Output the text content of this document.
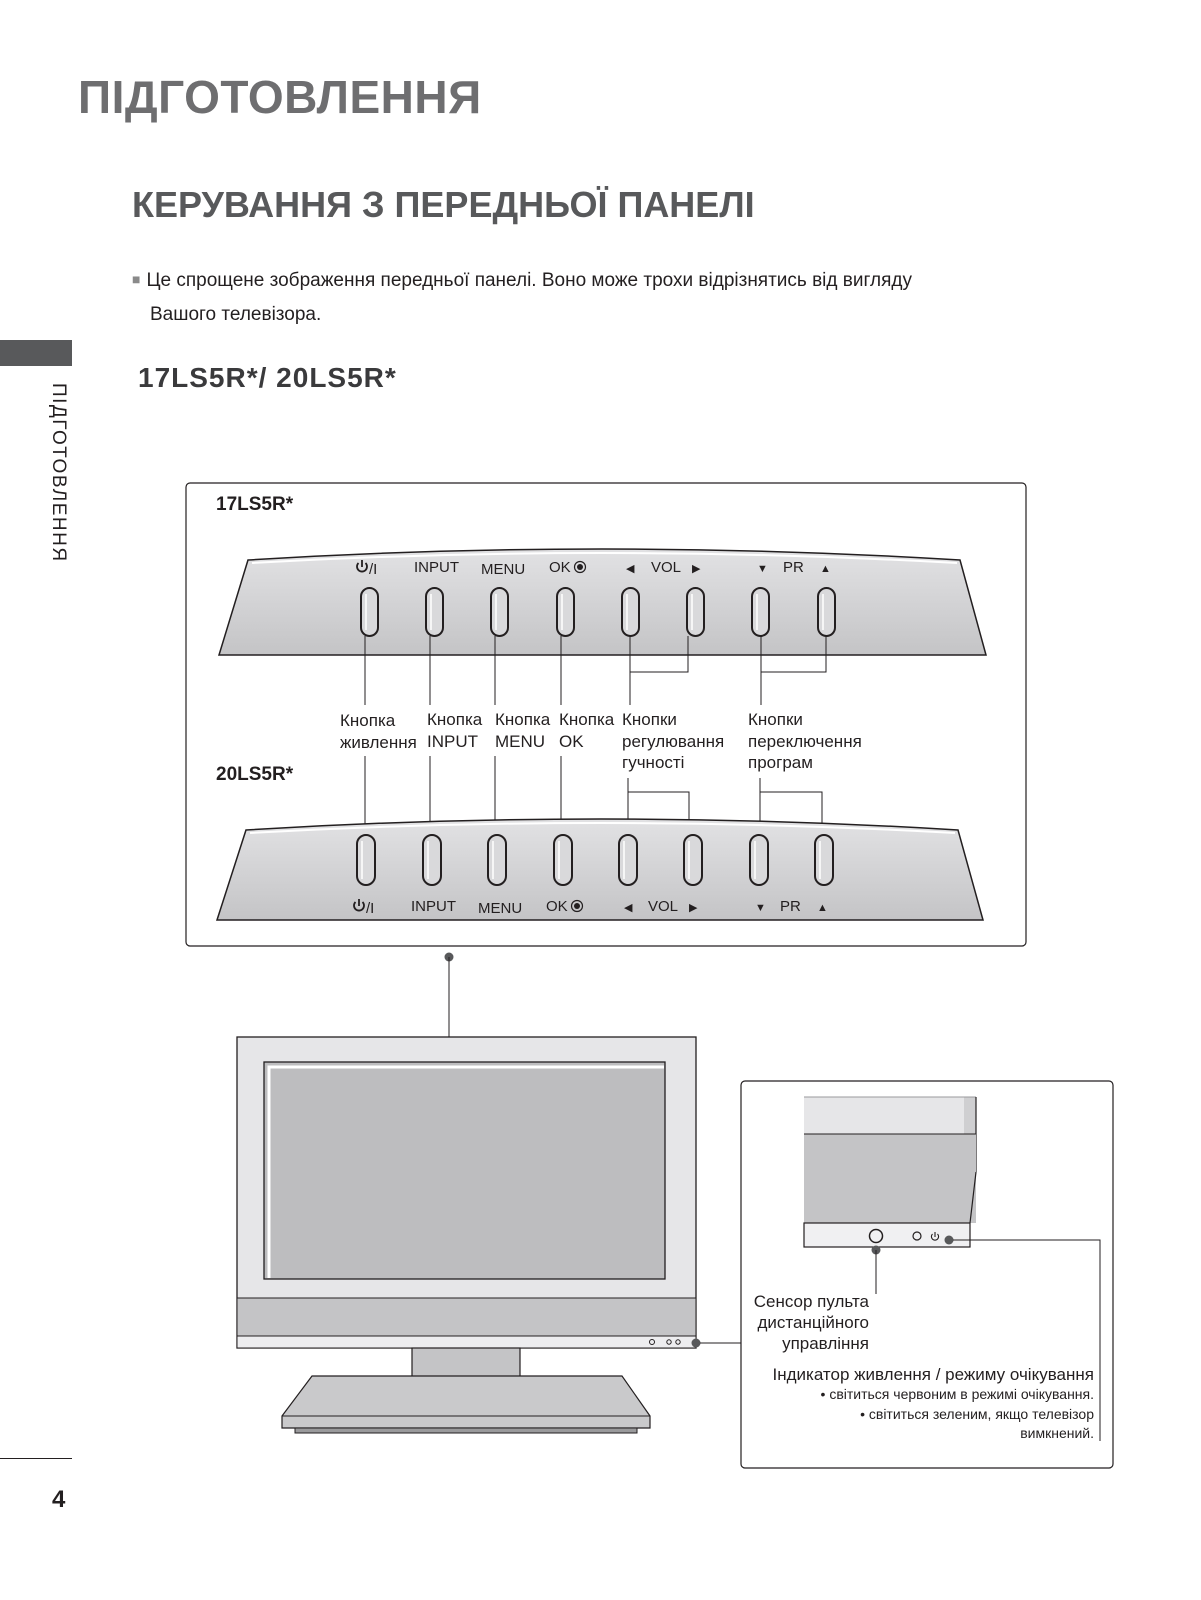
ПІДГОТОВЛЕННЯ
КЕРУВАННЯ З ПЕРЕДНЬОЇ ПАНЕЛІ
■ Це спрощене зображення передньої панелі. Воно може трохи відрізнятись від вигляду
Вашого телевізора.
17LS5R*/ 20LS5R*
ПІДГОТОВЛЕННЯ
4
17LS5R*
20LS5R*
/I INPUT MENU OK	◀ VOL ▶	▼ PR ▲
Кнопка
живлення
Кнопка
INPUT
Кнопка
MENU
Кнопка
OK
Кнопки
регулювання
гучності
Кнопки
переключення
програм
/I INPUT MENU OK	◀ VOL ▶	▼ PR ▲
Сенсор пульта
дистанційного
управління
Індикатор живлення / режиму очікування
• світиться червоним в режимі очікування.
• світиться зеленим, якщо телевізор
вимкнений.
